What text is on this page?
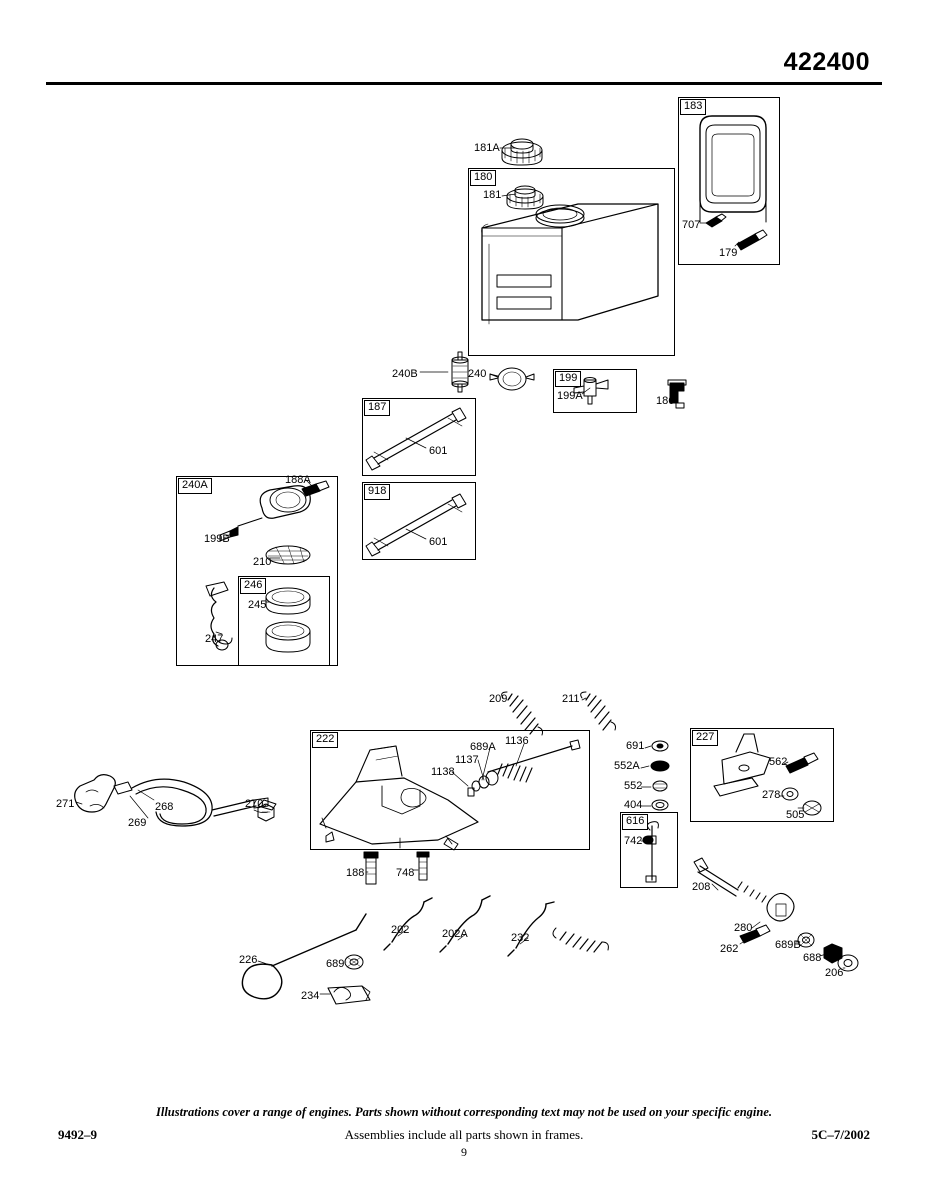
422400
180
183
187
918
199
240A
246
222	227
616
181A
181
707
179
240B	240
199A	186
601
601
188A
199B
210
245
247
209	211
689A 1136
1137
1138
691
552A
552
404
562
278
505
742
271	268
269
270
188	748
208
280
262	689B
688
206
226	689
234
202	202A	232
Illustrations cover a range of engines. Parts shown without corresponding text may not be used on your specific engine.
9492–9	Assemblies include all parts shown in frames.	5C–7/2002
9
